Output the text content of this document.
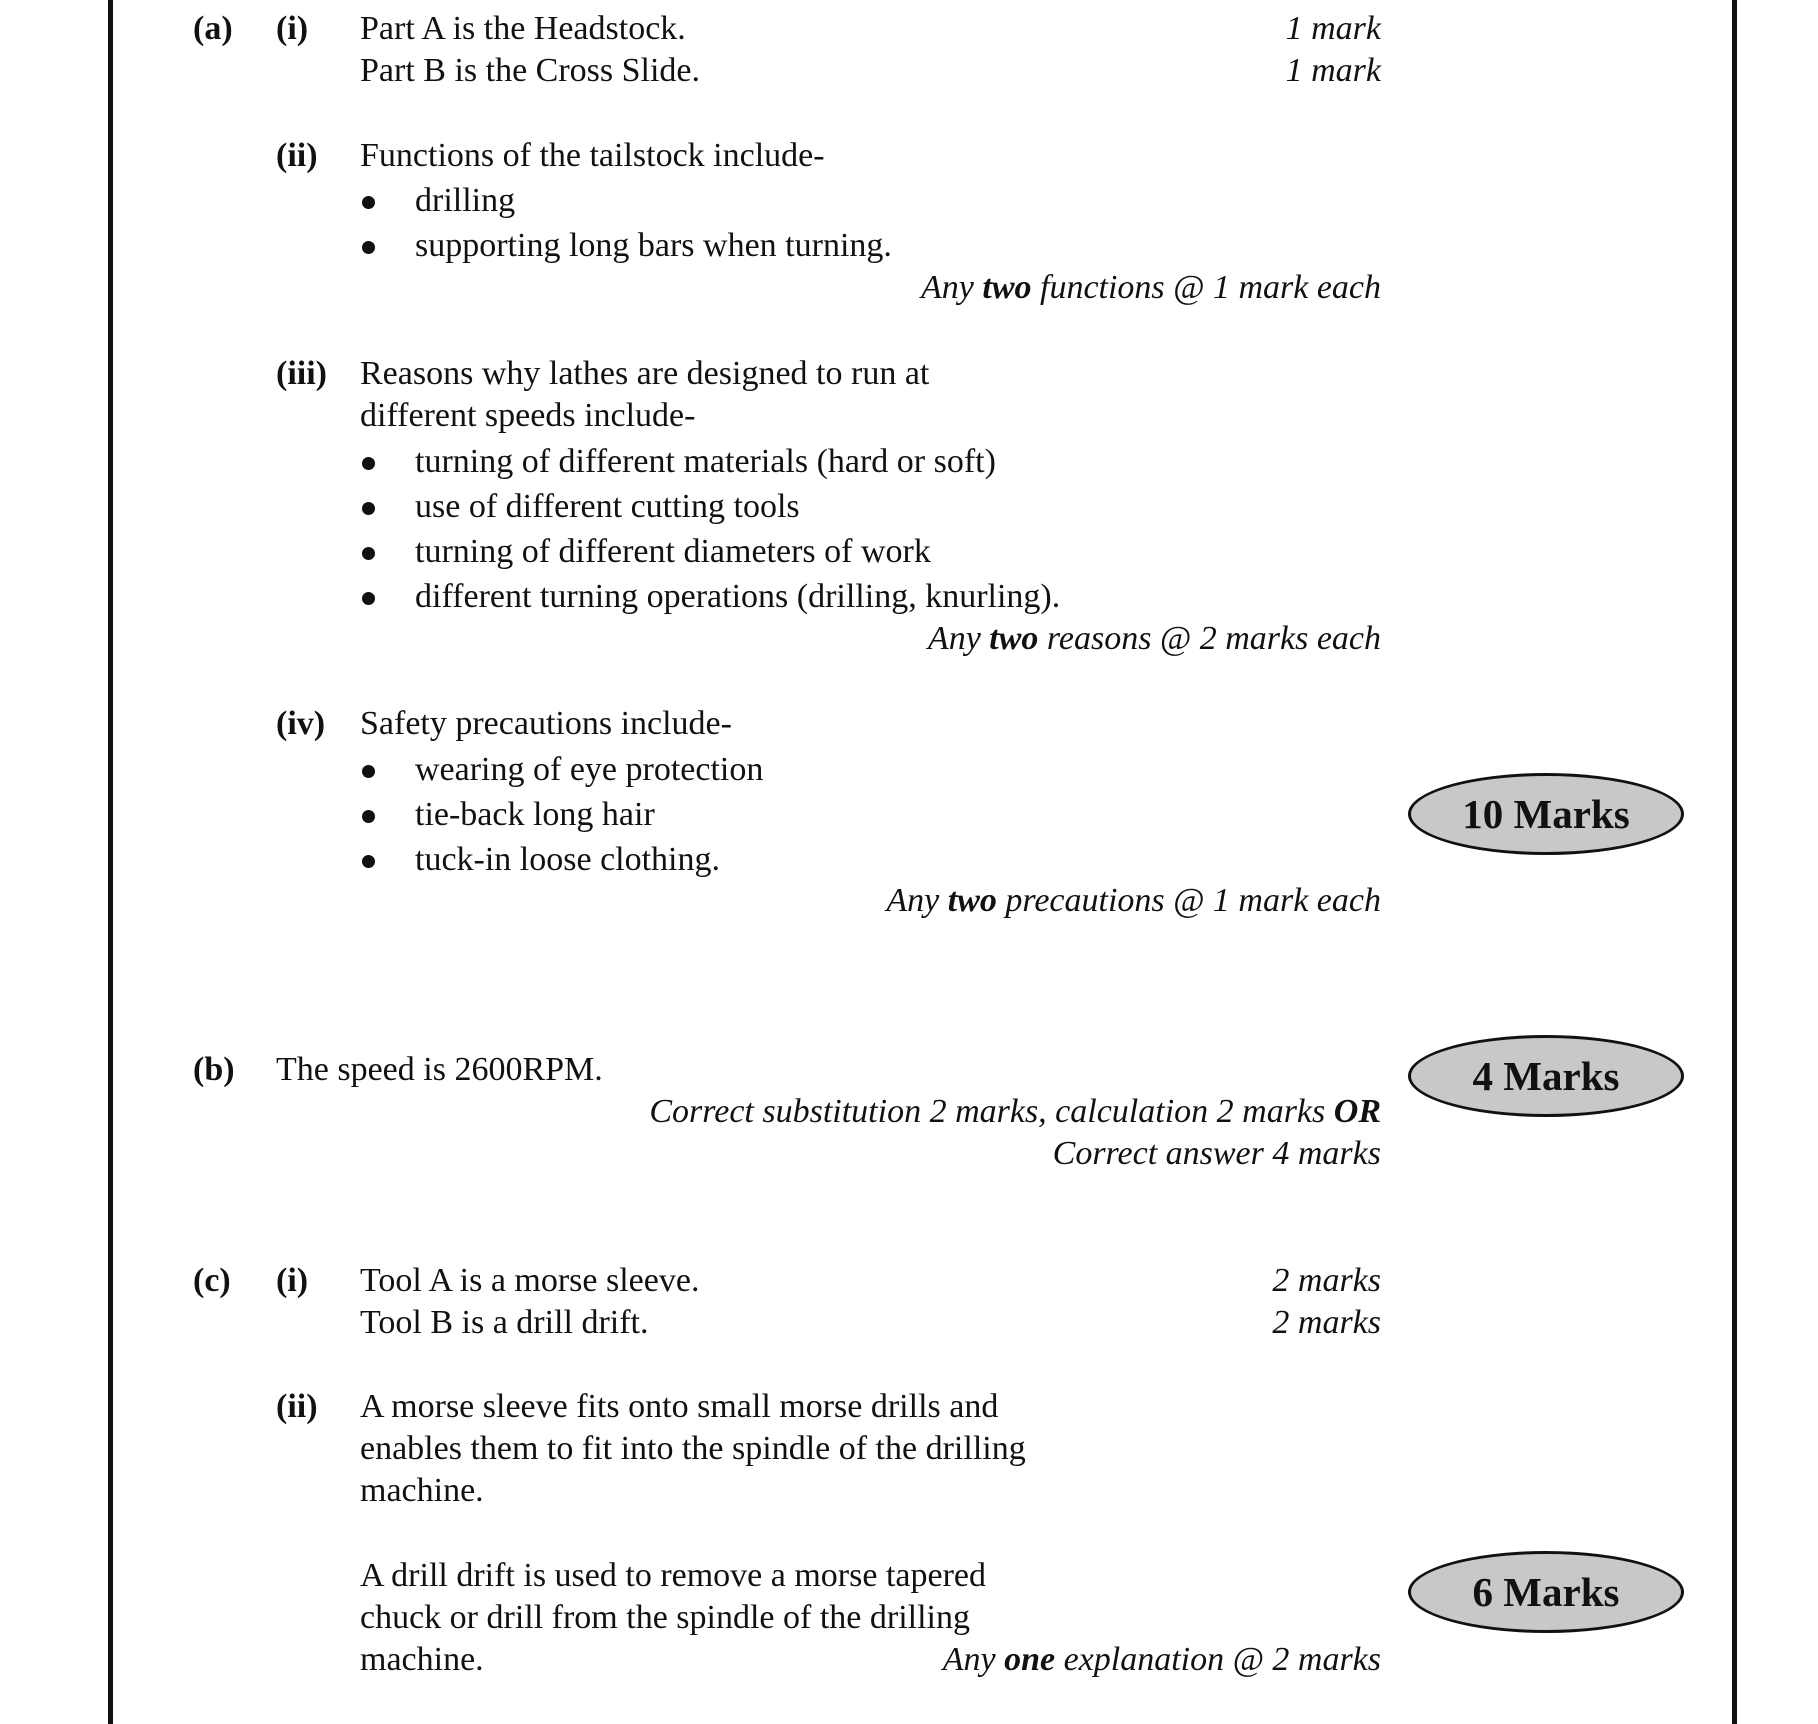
(a) (i) Part A is the Headstock.	1 mark
Part B is the Cross Slide.	1 mark
(ii) Functions of the tailstock include-
drilling
supporting long bars when turning.
Any two functions @ 1 mark each
(iii) Reasons why lathes are designed to run at
different speeds include-
turning of different materials (hard or soft)
use of different cutting tools
turning of different diameters of work
different turning operations (drilling, knurling).
Any two reasons @ 2 marks each
(iv) Safety precautions include-
wearing of eye protection
tie-back long hair
tuck-in loose clothing.
Any two precautions @ 1 mark each
10 Marks
(b) The speed is 2600RPM.
Correct substitution 2 marks, calculation 2 marks OR
Correct answer 4 marks
4 Marks
(c) (i) Tool A is a morse sleeve.	2 marks
Tool B is a drill drift.	2 marks
(ii) A morse sleeve fits onto small morse drills and
enables them to fit into the spindle of the drilling
machine.
A drill drift is used to remove a morse tapered
chuck or drill from the spindle of the drilling
machine.	Any one explanation @ 2 marks
6 Marks
